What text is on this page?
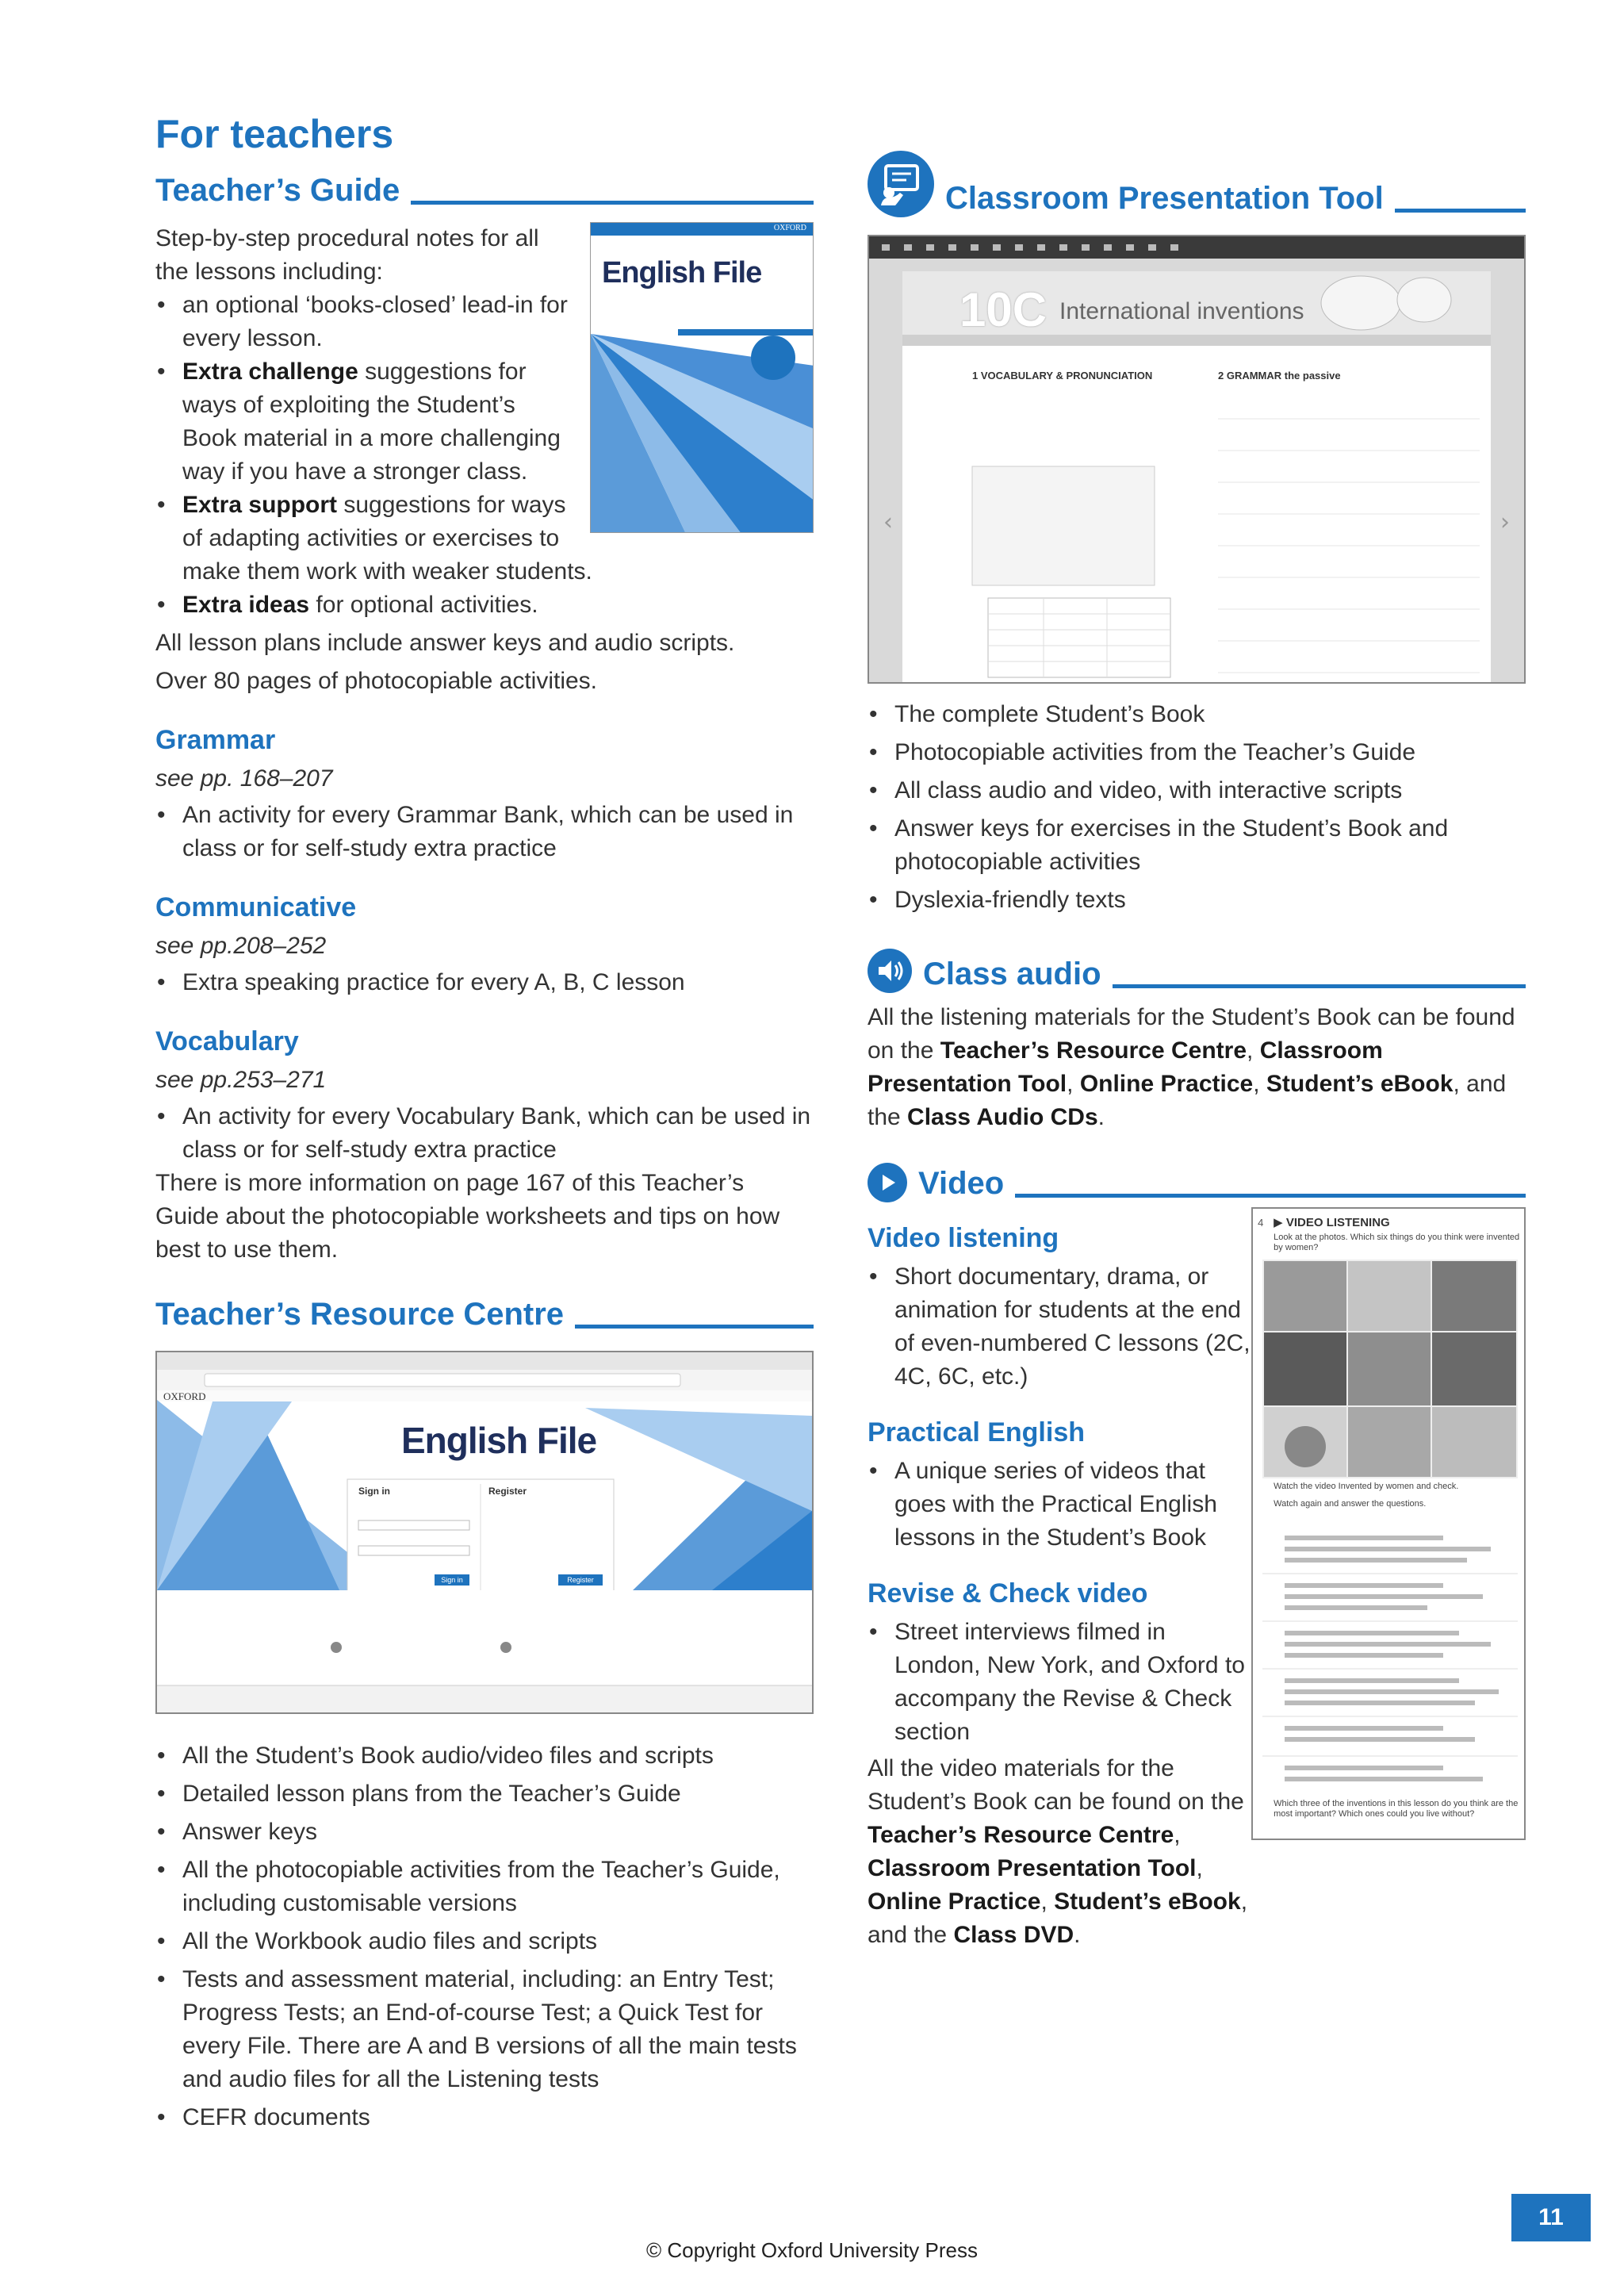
For teachers
Teacher’s Guide
OXFORD
English File

Step-by-step procedural notes for all the lessons including:

• an optional ‘books-closed’ lead-in for every lesson.
• Extra challenge suggestions for ways of exploiting the Student’s Book material in a more challenging way if you have a stronger class.
• Extra support suggestions for ways of adapting activities or exercises to make them work with weaker students.
• Extra ideas for optional activities.

All lesson plans include answer keys and audio scripts.

Over 80 pages of photocopiable activities.

Grammar
see pp. 168–207
• An activity for every Grammar Bank, which can be used in class or for self-study extra practice
Communicative
see pp.208–252
• Extra speaking practice for every A, B, C lesson
Vocabulary
see pp.253–271
• An activity for every Vocabulary Bank, which can be used in class or for self-study extra practice

There is more information on page 167 of this Teacher’s Guide about the photocopiable worksheets and tips on how best to use them.

Teacher’s Resource Centre
OXFORD
English File
Sign in	Register
Sign in	Register
• All the Student’s Book audio/video files and scripts
• Detailed lesson plans from the Teacher’s Guide
• Answer keys
• All the photocopiable activities from the Teacher’s Guide, including customisable versions
• All the Workbook audio files and scripts
• Tests and assessment material, including: an Entry Test; Progress Tests; an End-of-course Test; a Quick Test for every File. There are A and B versions of all the main tests and audio files for all the Listening tests
• CEFR documents
Classroom Presentation Tool
‹	›
10C International inventions
1 VOCABULARY & PRONUNCIATION	2 GRAMMAR the passive
• The complete Student’s Book
• Photocopiable activities from the Teacher’s Guide
• All class audio and video, with interactive scripts
• Answer keys for exercises in the Student’s Book and photocopiable activities
• Dyslexia-friendly texts
Class audio

All the listening materials for the Student’s Book can be found on the Teacher’s Resource Centre, Classroom Presentation Tool, Online Practice, Student’s eBook, and the Class Audio CDs.

Video
Video listening
• Short documentary, drama, or animation for students at the end of even-numbered C lessons (2C, 4C, 6C, etc.)
Practical English
• A unique series of videos that goes with the Practical English lessons in the Student’s Book
Revise & Check video
• Street interviews filmed in London, New York, and Oxford to accompany the Revise & Check section

All the video materials for the Student’s Book can be found on the Teacher’s Resource Centre, Classroom Presentation Tool, Online Practice, Student’s eBook, and the Class DVD.

4 ▶ VIDEO LISTENING
Look at the photos. Which six things do you think were invented by women?
Watch the video Invented by women and check.
Watch again and answer the questions.
Which three of the inventions in this lesson do you think are the most important? Which ones could you live without?
11
© Copyright Oxford University Press
